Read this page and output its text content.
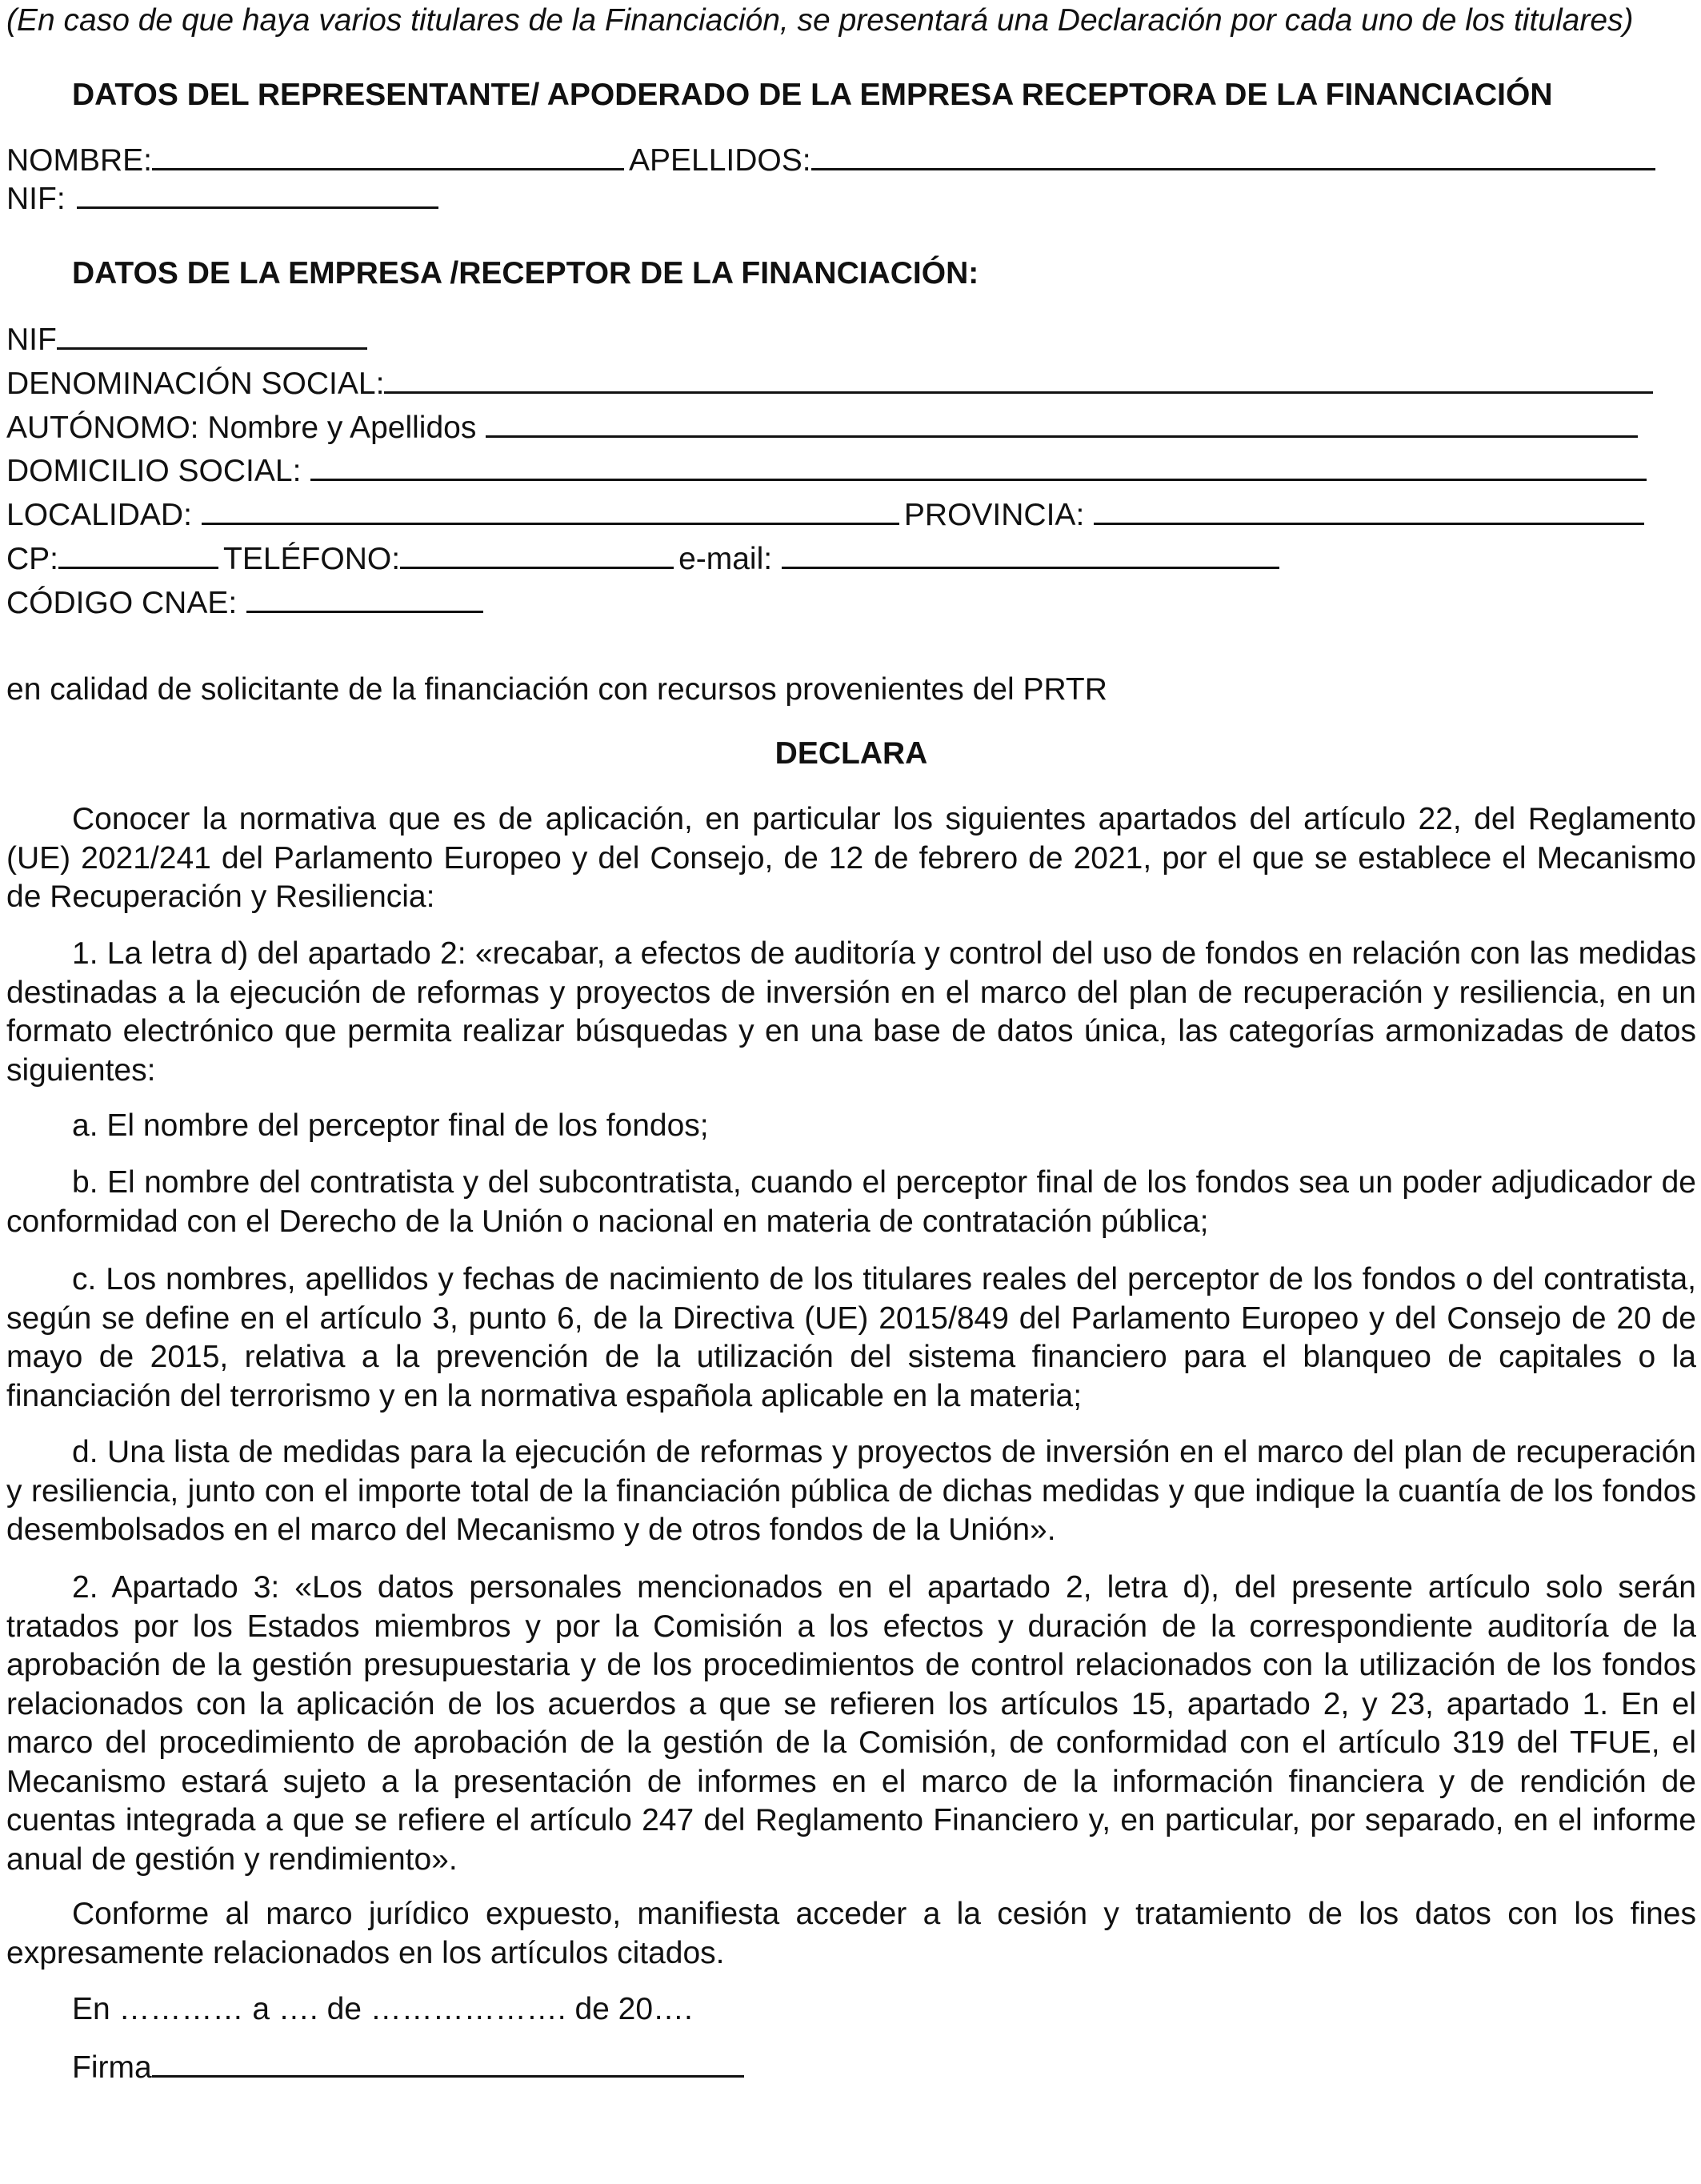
(En caso de que haya varios titulares de la Financiación, se presentará una Declaración por cada uno de los titulares)
DATOS DEL REPRESENTANTE/ APODERADO DE LA EMPRESA RECEPTORA DE LA FINANCIACIÓN
NOMBRE:	APELLIDOS:
NIF:
DATOS DE LA EMPRESA /RECEPTOR DE LA FINANCIACIÓN:
NIF
DENOMINACIÓN SOCIAL:
AUTÓNOMO: Nombre y Apellidos
DOMICILIO SOCIAL:
LOCALIDAD:	PROVINCIA:
CP:	TELÉFONO:	e-mail:
CÓDIGO CNAE:
en calidad de solicitante de la financiación con recursos provenientes del PRTR
DECLARA
Conocer la normativa que es de aplicación, en particular los siguientes apartados del artículo 22, del Reglamento (UE) 2021/241 del Parlamento Europeo y del Consejo, de 12 de febrero de 2021, por el que se establece el Mecanismo de Recuperación y Resiliencia:
1. La letra d) del apartado 2: «recabar, a efectos de auditoría y control del uso de fondos en relación con las medidas destinadas a la ejecución de reformas y proyectos de inversión en el marco del plan de recuperación y resiliencia, en un formato electrónico que permita realizar búsquedas y en una base de datos única, las categorías armonizadas de datos siguientes:
a. El nombre del perceptor final de los fondos;
b. El nombre del contratista y del subcontratista, cuando el perceptor final de los fondos sea un poder adjudicador de conformidad con el Derecho de la Unión o nacional en materia de contratación pública;
c. Los nombres, apellidos y fechas de nacimiento de los titulares reales del perceptor de los fondos o del contratista, según se define en el artículo 3, punto 6, de la Directiva (UE) 2015/849 del Parlamento Europeo y del Consejo de 20 de mayo de 2015, relativa a la prevención de la utilización del sistema financiero para el blanqueo de capitales o la financiación del terrorismo y en la normativa española aplicable en la materia;
d. Una lista de medidas para la ejecución de reformas y proyectos de inversión en el marco del plan de recuperación y resiliencia, junto con el importe total de la financiación pública de dichas medidas y que indique la cuantía de los fondos desembolsados en el marco del Mecanismo y de otros fondos de la Unión».
2. Apartado 3: «Los datos personales mencionados en el apartado 2, letra d), del presente artículo solo serán tratados por los Estados miembros y por la Comisión a los efectos y duración de la correspondiente auditoría de la aprobación de la gestión presupuestaria y de los procedimientos de control relacionados con la utilización de los fondos relacionados con la aplicación de los acuerdos a que se refieren los artículos 15, apartado 2, y 23, apartado 1. En el marco del procedimiento de aprobación de la gestión de la Comisión, de conformidad con el artículo 319 del TFUE, el Mecanismo estará sujeto a la presentación de informes en el marco de la información financiera y de rendición de cuentas integrada a que se refiere el artículo 247 del Reglamento Financiero y, en particular, por separado, en el informe anual de gestión y rendimiento».
Conforme al marco jurídico expuesto, manifiesta acceder a la cesión y tratamiento de los datos con los fines expresamente relacionados en los artículos citados.
En ………… a …. de ………………. de 20….
Firma
